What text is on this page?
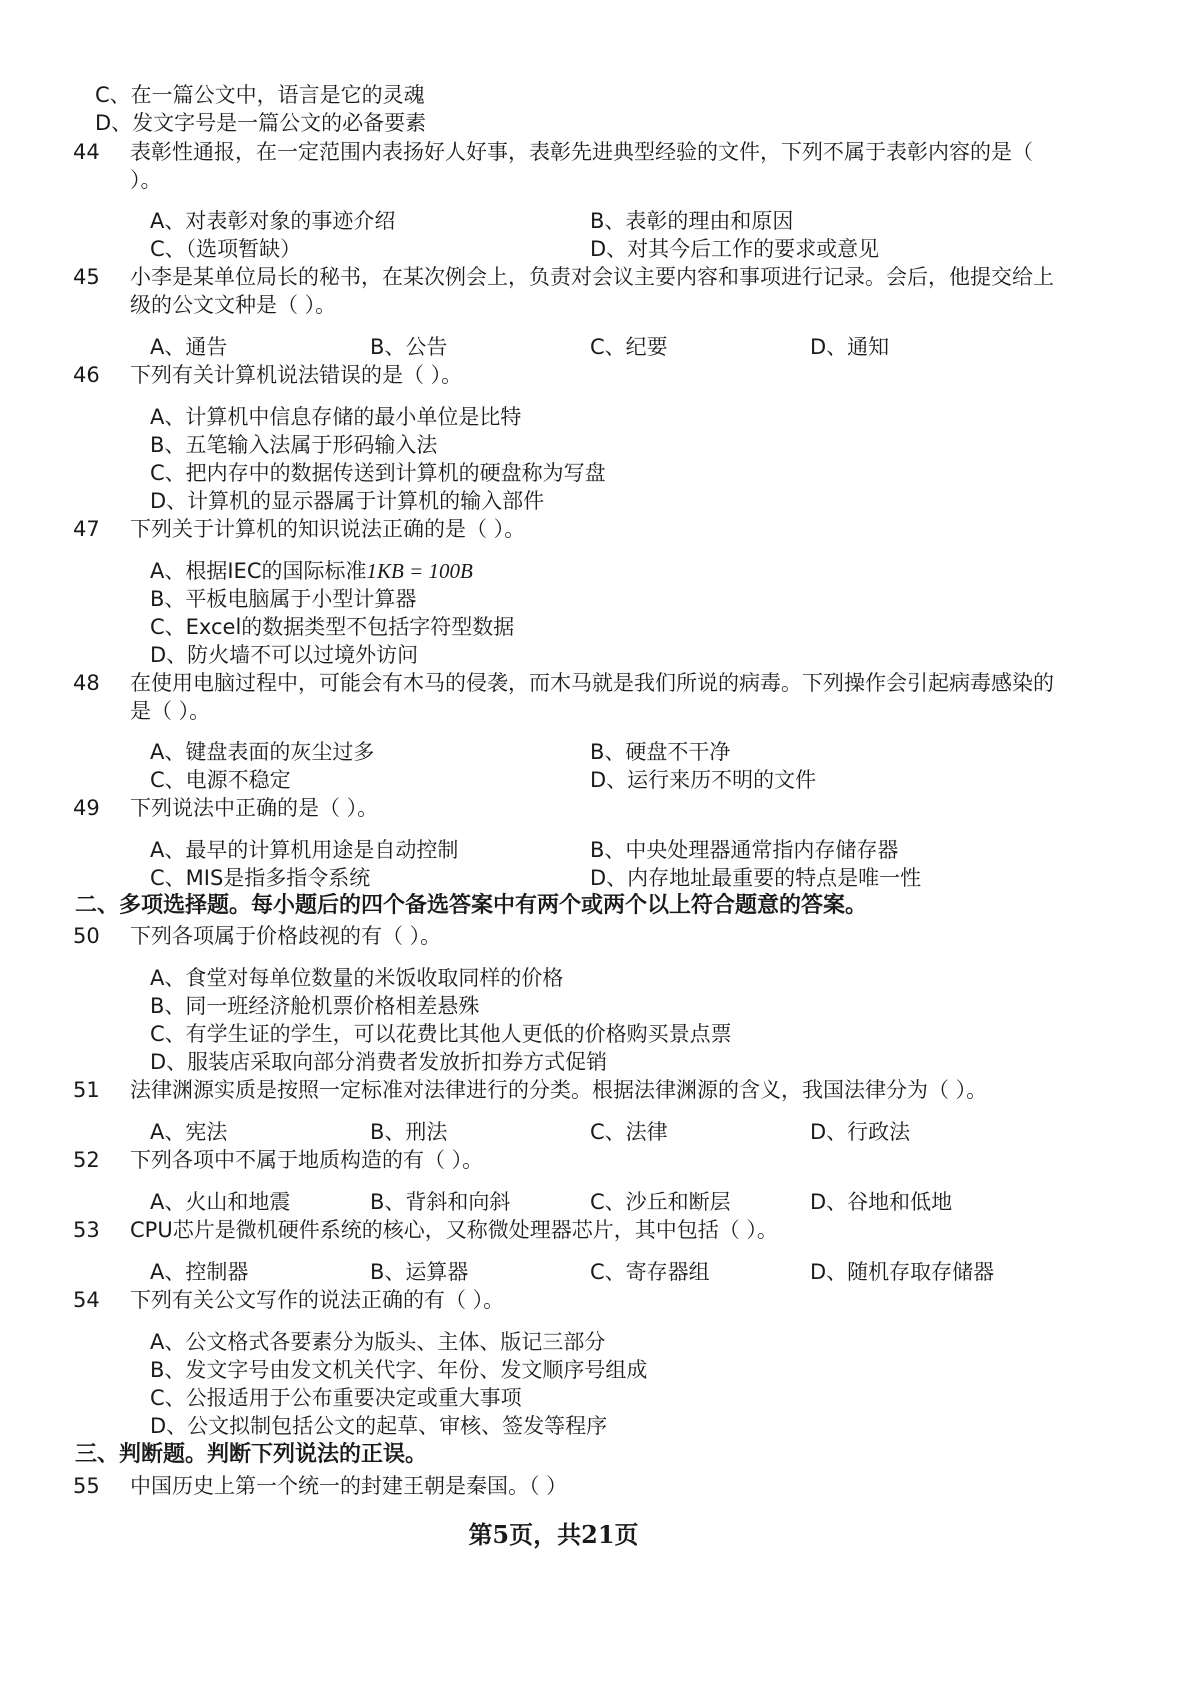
C、在一篇公文中，语言是它的灵魂
D、发文字号是一篇公文的必备要素
44 表彰性通报，在一定范围内表扬好人好事，表彰先进典型经验的文件，下列不属于表彰内容的是（
）。
A、对表彰对象的事迹介绍	B、表彰的理由和原因
C、（选项暂缺）	D、对其今后工作的要求或意见
45 小李是某单位局长的秘书，在某次例会上，负责对会议主要内容和事项进行记录。会后，他提交给上
级的公文文种是（ ）。
A、通告	B、公告	C、纪要	D、通知
46 下列有关计算机说法错误的是（ ）。
A、计算机中信息存储的最小单位是比特
B、五笔输入法属于形码输入法
C、把内存中的数据传送到计算机的硬盘称为写盘
D、计算机的显示器属于计算机的输入部件
47 下列关于计算机的知识说法正确的是（ ）。
A、根据IEC的国际标准1KB = 100B
B、平板电脑属于小型计算器
C、Excel的数据类型不包括字符型数据
D、防火墙不可以过境外访问
48 在使用电脑过程中，可能会有木马的侵袭，而木马就是我们所说的病毒。下列操作会引起病毒感染的
是（ ）。
A、键盘表面的灰尘过多	B、硬盘不干净
C、电源不稳定	D、运行来历不明的文件
49 下列说法中正确的是（ ）。
A、最早的计算机用途是自动控制	B、中央处理器通常指内存储存器
C、MIS是指多指令系统	D、内存地址最重要的特点是唯一性
二、多项选择题。每小题后的四个备选答案中有两个或两个以上符合题意的答案。
50 下列各项属于价格歧视的有（ ）。
A、食堂对每单位数量的米饭收取同样的价格
B、同一班经济舱机票价格相差悬殊
C、有学生证的学生，可以花费比其他人更低的价格购买景点票
D、服装店采取向部分消费者发放折扣券方式促销
51 法律渊源实质是按照一定标准对法律进行的分类。根据法律渊源的含义，我国法律分为（ ）。
A、宪法	B、刑法	C、法律	D、行政法
52 下列各项中不属于地质构造的有（ ）。
A、火山和地震	B、背斜和向斜	C、沙丘和断层	D、谷地和低地
53 CPU芯片是微机硬件系统的核心，又称微处理器芯片，其中包括（ ）。
A、控制器	B、运算器	C、寄存器组	D、随机存取存储器
54 下列有关公文写作的说法正确的有（ ）。
A、公文格式各要素分为版头、主体、版记三部分
B、发文字号由发文机关代字、年份、发文顺序号组成
C、公报适用于公布重要决定或重大事项
D、公文拟制包括公文的起草、审核、签发等程序
三、判断题。判断下列说法的正误。
55 中国历史上第一个统一的封建王朝是秦国。（ ）
第5页，共21页
